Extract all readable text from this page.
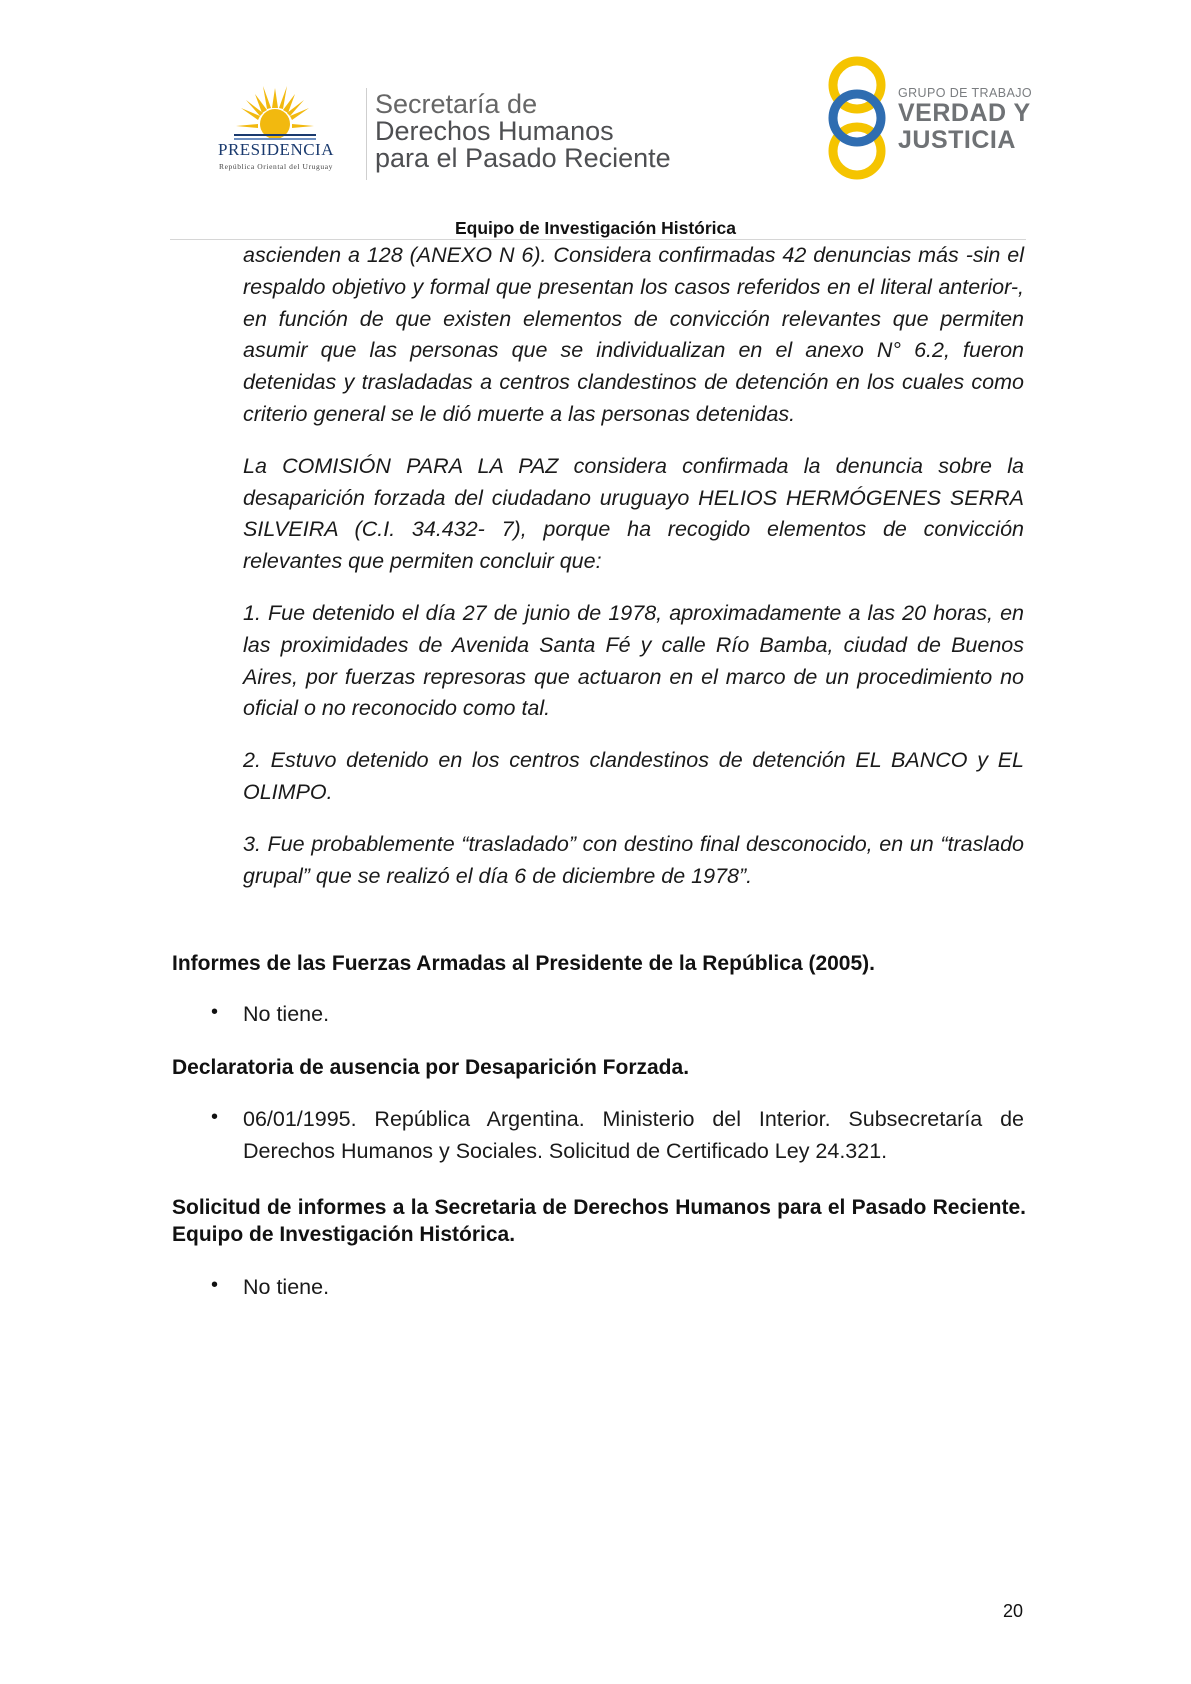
PRESIDENCIA
República Oriental del Uruguay
Secretaría de
Derechos Humanos
para el Pasado Reciente
GRUPO DE TRABAJO
VERDAD Y
JUSTICIA
Equipo de Investigación Histórica

ascienden a 128 (ANEXO N 6). Considera confirmadas 42 denuncias más -sin el respaldo objetivo y formal que presentan los casos referidos en el literal anterior-, en función de que existen elementos de convicción relevantes que permiten asumir que las personas que se individualizan en el anexo N° 6.2, fueron detenidas y trasladadas a centros clandestinos de detención en los cuales como criterio general se le dió muerte a las personas detenidas.

La COMISIÓN PARA LA PAZ considera confirmada la denuncia sobre la desaparición forzada del ciudadano uruguayo HELIOS HERMÓGENES SERRA SILVEIRA (C.I. 34.432- 7), porque ha recogido elementos de convicción relevantes que permiten concluir que:

1. Fue detenido el día 27 de junio de 1978, aproximadamente a las 20 horas, en las proximidades de Avenida Santa Fé y calle Río Bamba, ciudad de Buenos Aires, por fuerzas represoras que actuaron en el marco de un procedimiento no oficial o no reconocido como tal.

2. Estuvo detenido en los centros clandestinos de detención EL BANCO y EL OLIMPO.

3. Fue probablemente “trasladado” con destino final desconocido, en un “traslado grupal” que se realizó el día 6 de diciembre de 1978”.

Informes de las Fuerzas Armadas al Presidente de la República (2005).
• No tiene.
Declaratoria de ausencia por Desaparición Forzada.
• 06/01/1995. República Argentina. Ministerio del Interior. Subsecretaría de Derechos Humanos y Sociales. Solicitud de Certificado Ley 24.321.
Solicitud de informes a la Secretaria de Derechos Humanos para el Pasado Reciente. Equipo de Investigación Histórica.
• No tiene.
20
